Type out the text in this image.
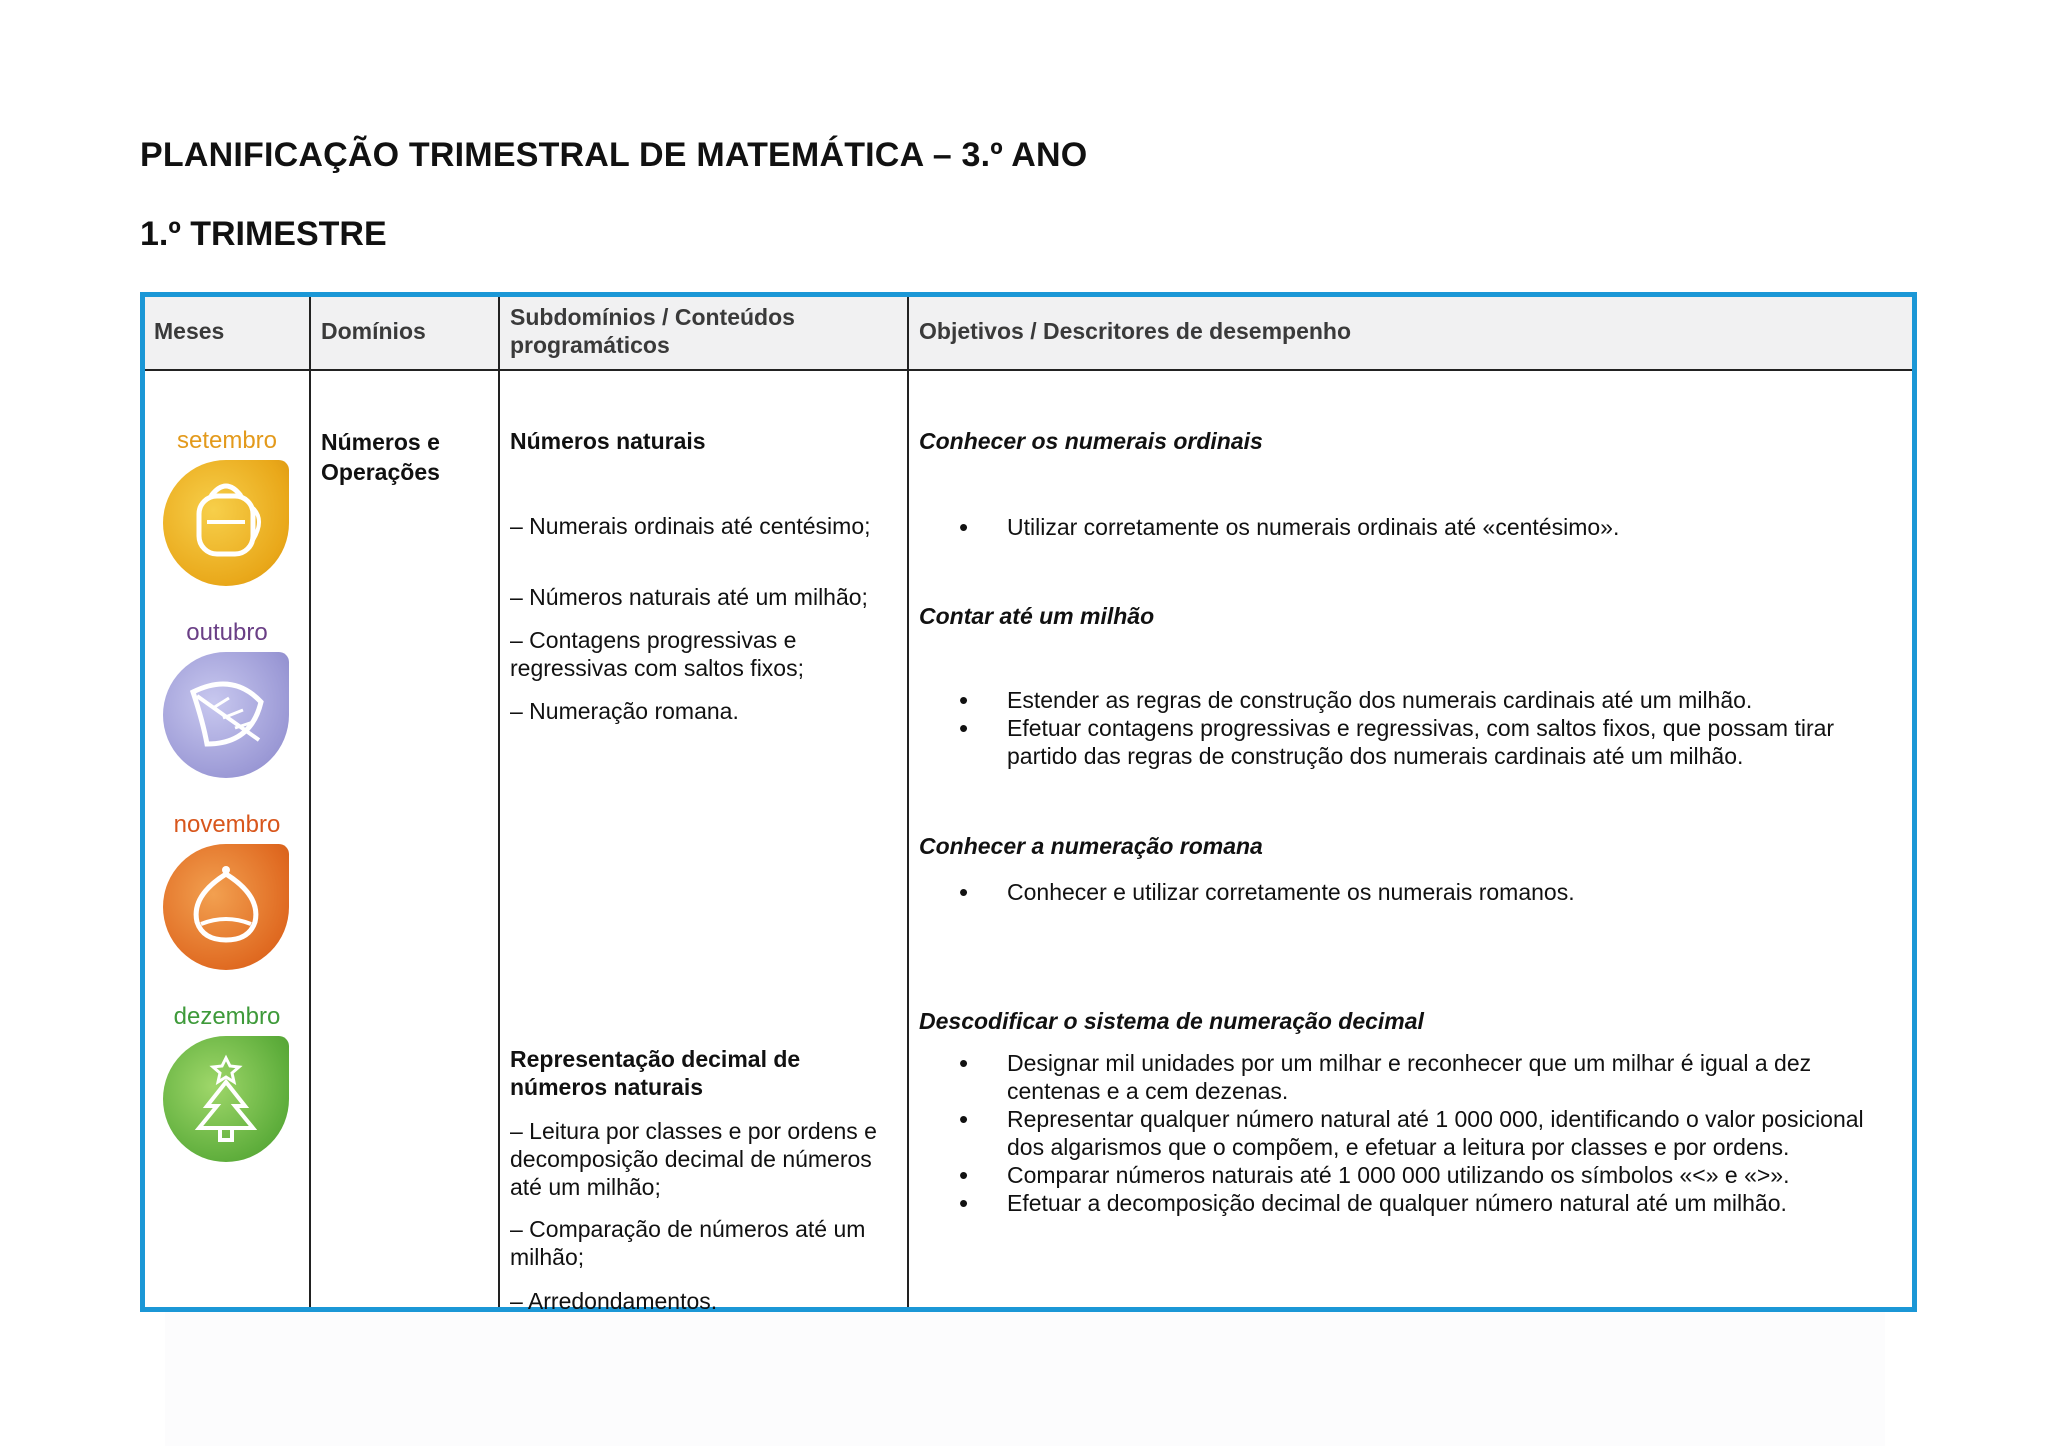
PLANIFICAÇÃO TRIMESTRAL DE MATEMÁTICA – 3.º ANO
1.º TRIMESTRE
Meses	Domínios
Subdomínios / Conteúdos programáticos
Objetivos / Descritores de desempenho
setembro
outubro
novembro
dezembro
Números e Operações
Números naturais
– Numerais ordinais até centésimo;
– Números naturais até um milhão;
– Contagens progressivas e regressivas com saltos fixos;
– Numeração romana.
Representação decimal de números naturais
– Leitura por classes e por ordens e decomposição decimal de números até um milhão;
– Comparação de números até um milhão;
– Arredondamentos.
Conhecer os numerais ordinais
• Utilizar corretamente os numerais ordinais até «centésimo».
Contar até um milhão
• Estender as regras de construção dos numerais cardinais até um milhão.
• Efetuar contagens progressivas e regressivas, com saltos fixos, que possam tirar partido das regras de construção dos numerais cardinais até um milhão.
Conhecer a numeração romana
• Conhecer e utilizar corretamente os numerais romanos.
Descodificar o sistema de numeração decimal
• Designar mil unidades por um milhar e reconhecer que um milhar é igual a dez centenas e a cem dezenas.
• Representar qualquer número natural até 1 000 000, identificando o valor posicional dos algarismos que o compõem, e efetuar a leitura por classes e por ordens.
• Comparar números naturais até 1 000 000 utilizando os símbolos «<» e «>».
• Efetuar a decomposição decimal de qualquer número natural até um milhão.
